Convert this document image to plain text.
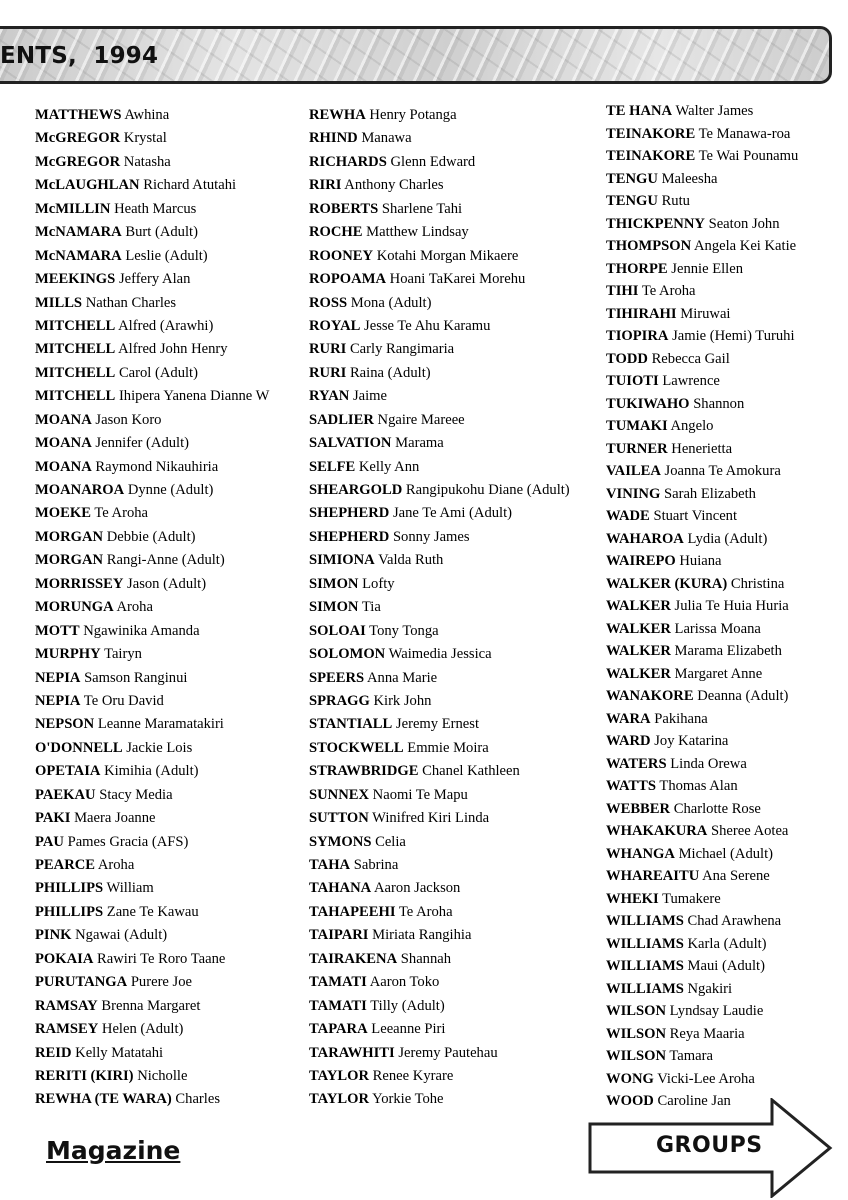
ENTS,  1994
MATTHEWS Awhina
McGREGOR Krystal
McGREGOR Natasha
McLAUGHLAN Richard Atutahi
McMILLIN Heath Marcus
McNAMARA Burt (Adult)
McNAMARA Leslie (Adult)
MEEKINGS Jeffery Alan
MILLS Nathan Charles
MITCHELL Alfred (Arawhi)
MITCHELL Alfred John Henry
MITCHELL Carol (Adult)
MITCHELL Ihipera Yanena Dianne W
MOANA Jason Koro
MOANA Jennifer (Adult)
MOANA Raymond Nikauhiria
MOANAROA Dynne (Adult)
MOEKE Te Aroha
MORGAN Debbie (Adult)
MORGAN Rangi-Anne (Adult)
MORRISSEY Jason (Adult)
MORUNGA Aroha
MOTT Ngawinika Amanda
MURPHY Tairyn
NEPIA Samson Ranginui
NEPIA Te Oru David
NEPSON Leanne Maramatakiri
O'DONNELL Jackie Lois
OPETAIA Kimihia (Adult)
PAEKAU Stacy Media
PAKI Maera Joanne
PAU Pames Gracia (AFS)
PEARCE Aroha
PHILLIPS William
PHILLIPS Zane Te Kawau
PINK Ngawai (Adult)
POKAIA Rawiri Te Roro Taane
PURUTANGA Purere Joe
RAMSAY Brenna Margaret
RAMSEY Helen (Adult)
REID Kelly Matatahi
RERITI (KIRI) Nicholle
REWHA (TE WARA) Charles
REWHA Henry Potanga
RHIND Manawa
RICHARDS Glenn Edward
RIRI Anthony Charles
ROBERTS Sharlene Tahi
ROCHE Matthew Lindsay
ROONEY Kotahi Morgan Mikaere
ROPOAMA Hoani TaKarei Morehu
ROSS Mona (Adult)
ROYAL Jesse Te Ahu Karamu
RURI Carly Rangimaria
RURI Raina (Adult)
RYAN Jaime
SADLIER Ngaire Mareee
SALVATION Marama
SELFE Kelly Ann
SHEARGOLD Rangipukohu Diane (Adult)
SHEPHERD Jane Te Ami (Adult)
SHEPHERD Sonny James
SIMIONA Valda Ruth
SIMON Lofty
SIMON Tia
SOLOAI Tony Tonga
SOLOMON Waimedia Jessica
SPEERS Anna Marie
SPRAGG Kirk John
STANTIALL Jeremy Ernest
STOCKWELL Emmie Moira
STRAWBRIDGE Chanel Kathleen
SUNNEX Naomi Te Mapu
SUTTON Winifred Kiri Linda
SYMONS Celia
TAHA Sabrina
TAHANA Aaron Jackson
TAHAPEEHI Te Aroha
TAIPARI Miriata Rangihia
TAIRAKENA Shannah
TAMATI Aaron Toko
TAMATI Tilly (Adult)
TAPARA Leeanne Piri
TARAWHITI Jeremy Pautehau
TAYLOR Renee Kyrare
TAYLOR Yorkie Tohe
TE HANA Walter James
TEINAKORE Te Manawa-roa
TEINAKORE Te Wai Pounamu
TENGU Maleesha
TENGU Rutu
THICKPENNY Seaton John
THOMPSON Angela Kei Katie
THORPE Jennie Ellen
TIHI Te Aroha
TIHIRAHI Miruwai
TIOPIRA Jamie (Hemi) Turuhi
TODD Rebecca Gail
TUIOTI Lawrence
TUKIWAHO Shannon
TUMAKI Angelo
TURNER Henerietta
VAILEA Joanna Te Amokura
VINING Sarah Elizabeth
WADE Stuart Vincent
WAHAROA Lydia (Adult)
WAIREPO Huiana
WALKER (KURA) Christina
WALKER Julia Te Huia Huria
WALKER Larissa Moana
WALKER Marama Elizabeth
WALKER Margaret Anne
WANAKORE Deanna (Adult)
WARA Pakihana
WARD Joy Katarina
WATERS Linda Orewa
WATTS Thomas Alan
WEBBER Charlotte Rose
WHAKAKURA Sheree Aotea
WHANGA Michael (Adult)
WHAREAITU Ana Serene
WHEKI Tumakere
WILLIAMS Chad Arawhena
WILLIAMS Karla (Adult)
WILLIAMS Maui (Adult)
WILLIAMS Ngakiri
WILSON Lyndsay Laudie
WILSON Reya Maaria
WILSON Tamara
WONG Vicki-Lee Aroha
WOOD Caroline Jan
Magazine	GROUPS
